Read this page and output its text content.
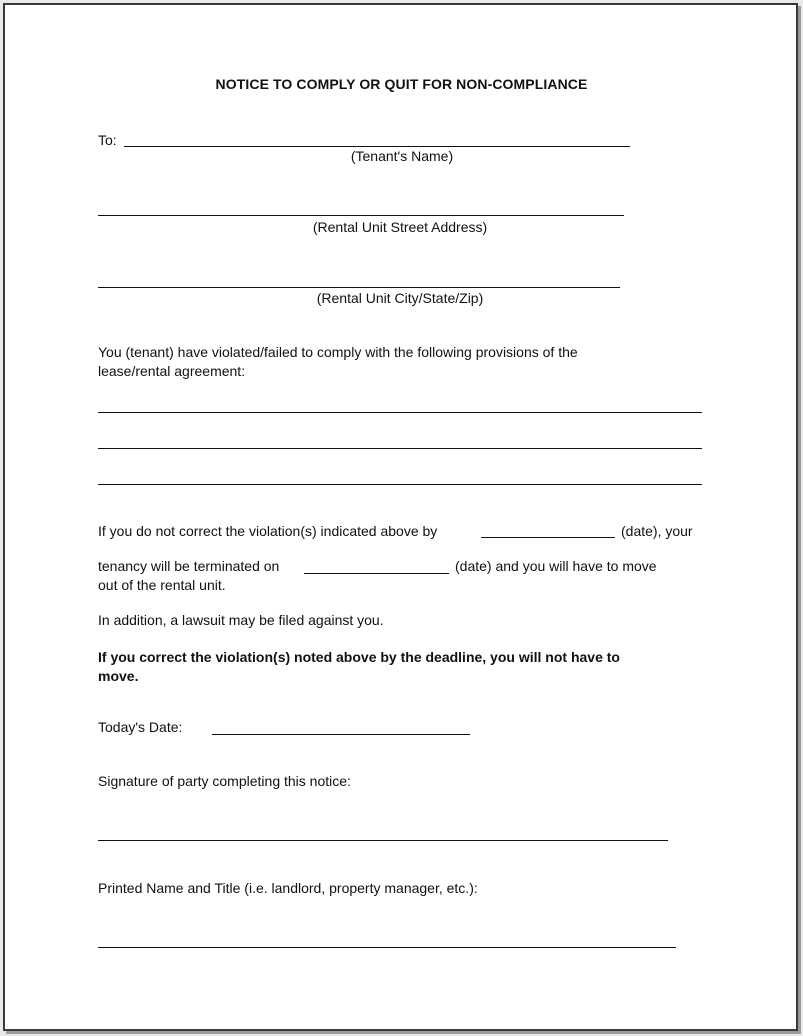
NOTICE TO COMPLY OR QUIT FOR NON-COMPLIANCE
To:
(Tenant's Name)
(Rental Unit Street Address)
(Rental Unit City/State/Zip)
You (tenant) have violated/failed to comply with the following provisions of the
lease/rental agreement:
If you do not correct the violation(s) indicated above by	(date), your
tenancy will be terminated on	(date) and you will have to move
out of the rental unit.
In addition, a lawsuit may be filed against you.
If you correct the violation(s) noted above by the deadline, you will not have to
move.
Today's Date:
Signature of party completing this notice:
Printed Name and Title (i.e. landlord, property manager, etc.):
